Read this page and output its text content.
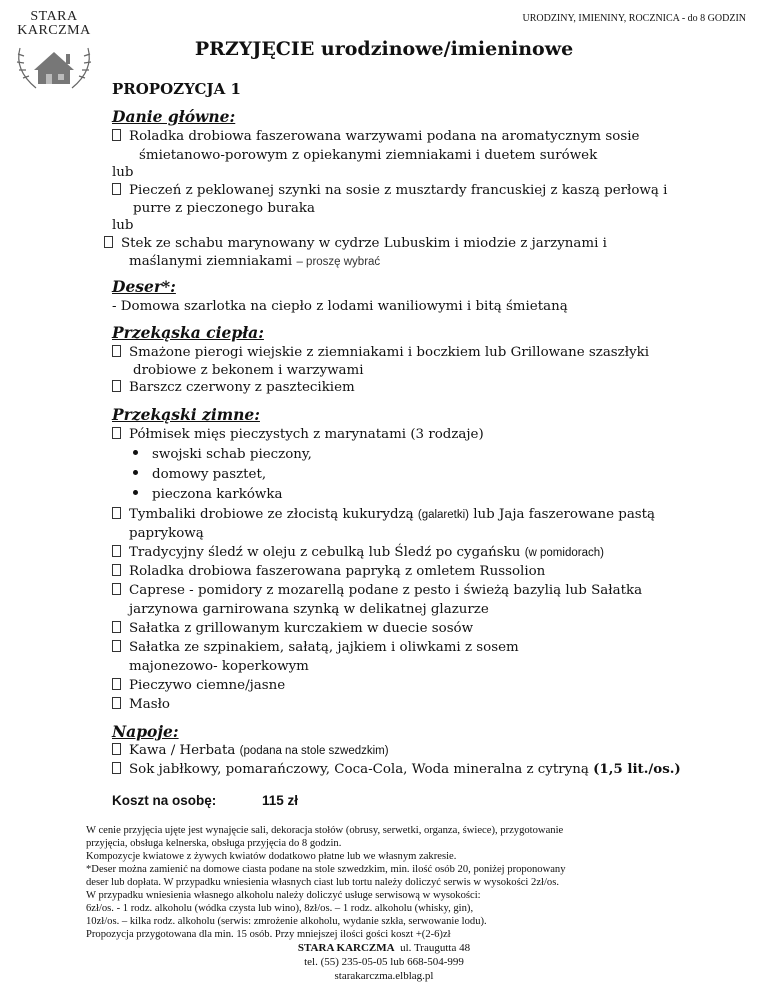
STARA
KARCZMA
URODZINY, IMIENINY, ROCZNICA - do 8 GODZIN
PRZYJĘCIE urodzinowe/imieninowe
PROPOZYCJA 1
Danie główne:
Roladka drobiowa faszerowana warzywami podana na aromatycznym sosie
śmietanowo-porowym z opiekanymi ziemniakami i duetem surówek
lub
Pieczeń z peklowanej szynki na sosie z musztardy francuskiej z kaszą perłową i
purre z pieczonego buraka
lub
Stek ze schabu marynowany w cydrze Lubuskim i miodzie z jarzynami i
maślanymi ziemniakami – proszę wybrać
Deser*:
- Domowa szarlotka na ciepło z lodami waniliowymi i bitą śmietaną
Przekąska ciepła:
Smażone pierogi wiejskie z ziemniakami i boczkiem lub Grillowane szaszłyki
drobiowe z bekonem i warzywami
Barszcz czerwony z pasztecikiem
Przekąski zimne:
Półmisek mięs pieczystych z marynatami (3 rodzaje)
swojski schab pieczony,
domowy pasztet,
pieczona karkówka
Tymbaliki drobiowe ze złocistą kukurydzą (galaretki) lub Jaja faszerowane pastą
paprykową
Tradycyjny śledź w oleju z cebulką lub Śledź po cygańsku (w pomidorach)
Roladka drobiowa faszerowana papryką z omletem Russolion
Caprese - pomidory z mozarellą podane z pesto i świeżą bazylią lub Sałatka
jarzynowa garnirowana szynką w delikatnej glazurze
Sałatka z grillowanym kurczakiem w duecie sosów
Sałatka ze szpinakiem, sałatą, jajkiem i oliwkami z sosem
majonezowo- koperkowym
Pieczywo ciemne/jasne
Masło
Napoje:
Kawa / Herbata (podana na stole szwedzkim)
Sok jabłkowy, pomarańczowy, Coca-Cola, Woda mineralna z cytryną (1,5 lit./os.)
Koszt na osobę:	115 zł
W cenie przyjęcia ujęte jest wynajęcie sali, dekoracja stołów (obrusy, serwetki, organza, świece), przygotowanie
przyjęcia, obsługa kelnerska, obsługa przyjęcia do 8 godzin.
Kompozycje kwiatowe z żywych kwiatów dodatkowo płatne lub we własnym zakresie.
*Deser można zamienić na domowe ciasta podane na stole szwedzkim, min. ilość osób 20, poniżej proponowany
deser lub dopłata. W przypadku wniesienia własnych ciast lub tortu należy doliczyć serwis w wysokości 2zł/os.
W przypadku wniesienia własnego alkoholu należy doliczyć usługe serwisową w wysokości:
6zł/os. - 1 rodz. alkoholu (wódka czysta lub wino), 8zł/os. – 1 rodz. alkoholu (whisky, gin),
10zł/os. – kilka rodz. alkoholu (serwis: zmrożenie alkoholu, wydanie szkła, serwowanie lodu).
Propozycja przygotowana dla min. 15 osób. Przy mniejszej ilości gości koszt +(2-6)zł
STARA KARCZMA ul. Traugutta 48
tel. (55) 235-05-05 lub 668-504-999
starakarczma.elblag.pl
